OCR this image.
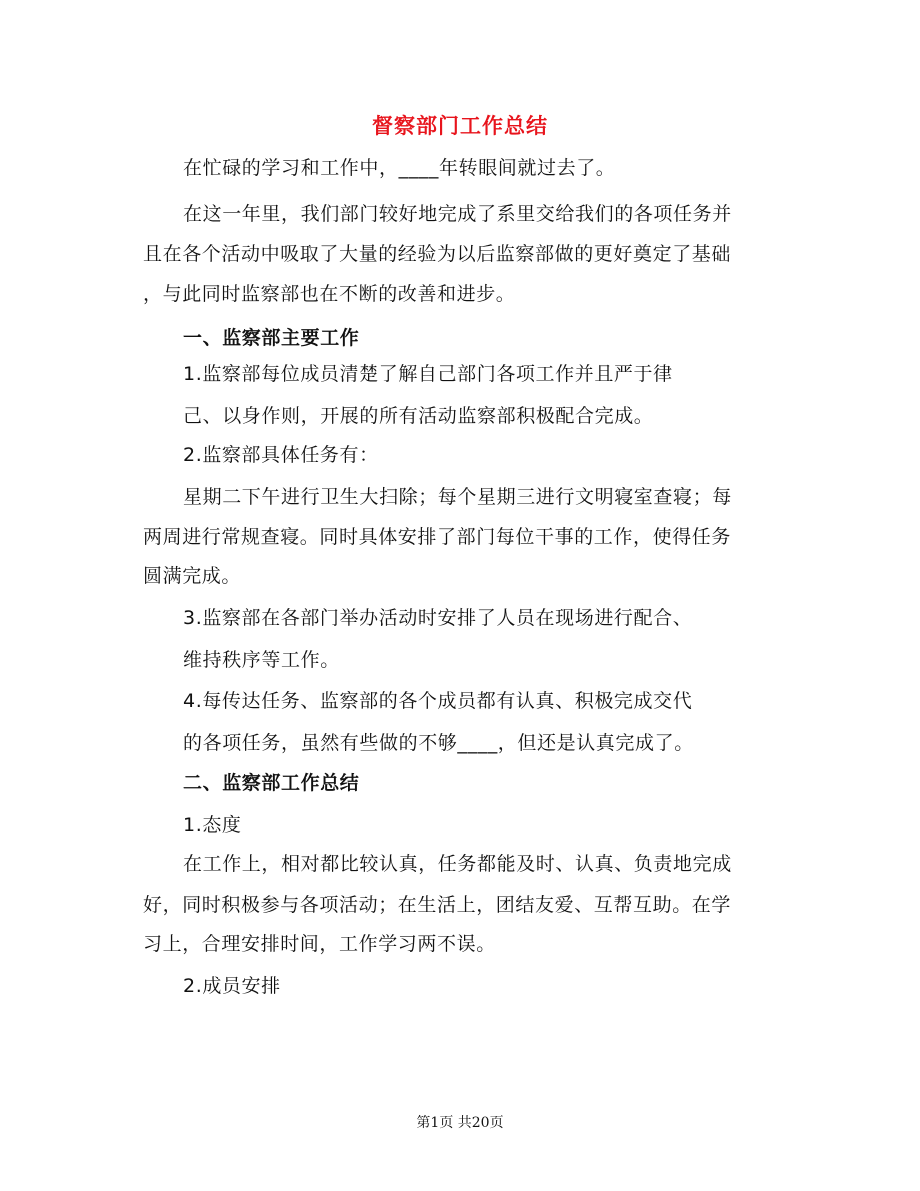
督察部门工作总结
在忙碌的学习和工作中，____年转眼间就过去了。
在这一年里，我们部门较好地完成了系里交给我们的各项任务并
且在各个活动中吸取了大量的经验为以后监察部做的更好奠定了基础
，与此同时监察部也在不断的改善和进步。
一、监察部主要工作
1.监察部每位成员清楚了解自己部门各项工作并且严于律
己、以身作则，开展的所有活动监察部积极配合完成。
2.监察部具体任务有：
星期二下午进行卫生大扫除；每个星期三进行文明寝室查寝；每
两周进行常规查寝。同时具体安排了部门每位干事的工作，使得任务
圆满完成。
3.监察部在各部门举办活动时安排了人员在现场进行配合、
维持秩序等工作。
4.每传达任务、监察部的各个成员都有认真、积极完成交代
的各项任务，虽然有些做的不够____，但还是认真完成了。
二、监察部工作总结
1.态度
在工作上，相对都比较认真，任务都能及时、认真、负责地完成
好，同时积极参与各项活动；在生活上，团结友爱、互帮互助。在学
习上，合理安排时间，工作学习两不误。
2.成员安排
第1页 共20页
